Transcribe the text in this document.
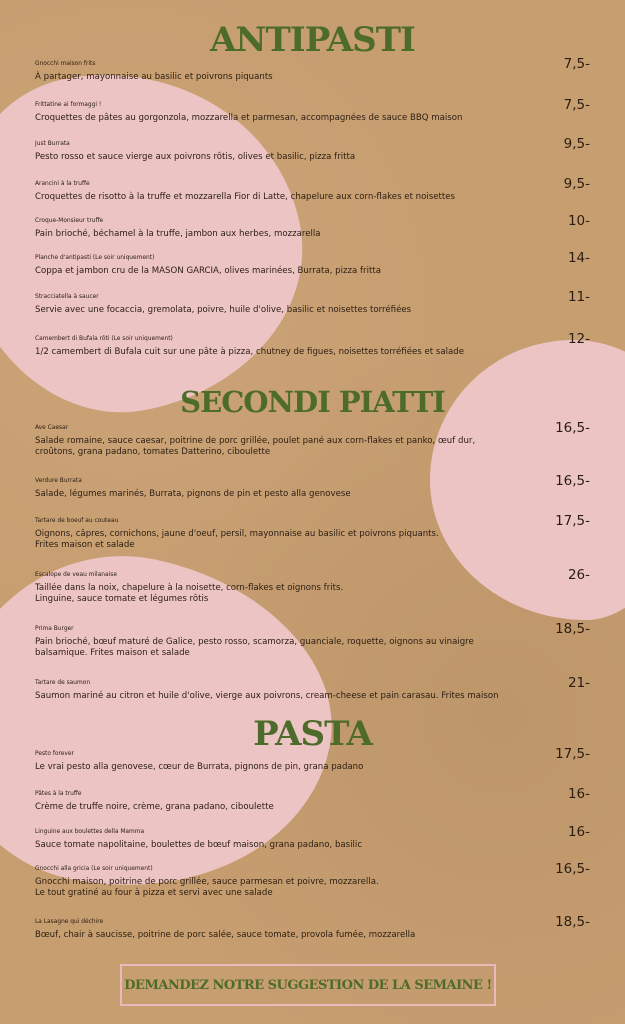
ANTIPASTI
Gnocchi maison frits	7,5-
À partager, mayonnaise au basilic et poivrons piquants
Frittatine ai formaggi !	7,5-
Croquettes de pâtes au gorgonzola, mozzarella et parmesan, accompagnées de sauce BBQ maison
Just Burrata	9,5-
Pesto rosso et sauce vierge aux poivrons rôtis, olives et basilic, pizza fritta
Arancini à la truffe	9,5-
Croquettes de risotto à la truffe et mozzarella Fior di Latte, chapelure aux corn-flakes et noisettes
Croque-Monsieur truffe	10-
Pain brioché, béchamel à la truffe, jambon aux herbes, mozzarella
Planche d'antipasti (Le soir uniquement)	14-
Coppa et jambon cru de la MASON GARCIA, olives marinées, Burrata, pizza fritta
Stracciatella à saucer	11-
Servie avec une focaccia, gremolata, poivre, huile d'olive, basilic et noisettes torréfiées
Camembert di Bufala rôti (Le soir uniquement)	12-
1/2 camembert di Bufala cuit sur une pâte à pizza, chutney de figues, noisettes torréfiées et salade
SECONDI PIATTI
Ave Caesar	16,5-
Salade romaine, sauce caesar, poitrine de porc grillée, poulet pané aux corn-flakes et panko, œuf dur,
croûtons, grana padano, tomates Datterino, ciboulette
Verdure Burrata	16,5-
Salade, légumes marinés, Burrata, pignons de pin et pesto alla genovese
Tartare de boeuf au couteau	17,5-
Oignons, câpres, cornichons, jaune d'oeuf, persil, mayonnaise au basilic et poivrons piquants.
Frites maison et salade
Escalope de veau milanaise	26-
Taillée dans la noix, chapelure à la noisette, corn-flakes et oignons frits.
Linguine, sauce tomate et légumes rôtis
Prima Burger	18,5-
Pain brioché, bœuf maturé de Galice, pesto rosso, scamorza, guanciale, roquette, oignons au vinaigre
balsamique. Frites maison et salade
Tartare de saumon	21-
Saumon mariné au citron et huile d'olive, vierge aux poivrons, cream-cheese et pain carasau. Frites maison
PASTA
Pesto forever	17,5-
Le vrai pesto alla genovese, cœur de Burrata, pignons de pin, grana padano
Pâtes à la truffe	16-
Crème de truffe noire, crème, grana padano, ciboulette
Linguine aux boulettes della Mamma	16-
Sauce tomate napolitaine, boulettes de bœuf maison, grana padano, basilic
Gnocchi alla gricia (Le soir uniquement)	16,5-
Gnocchi maison, poitrine de porc grillée, sauce parmesan et poivre, mozzarella.
Le tout gratiné au four à pizza et servi avec une salade
La Lasagne qui déchire	18,5-
Bœuf, chair à saucisse, poitrine de porc salée, sauce tomate, provola fumée, mozzarella
DEMANDEZ NOTRE SUGGESTION DE LA SEMAINE !
